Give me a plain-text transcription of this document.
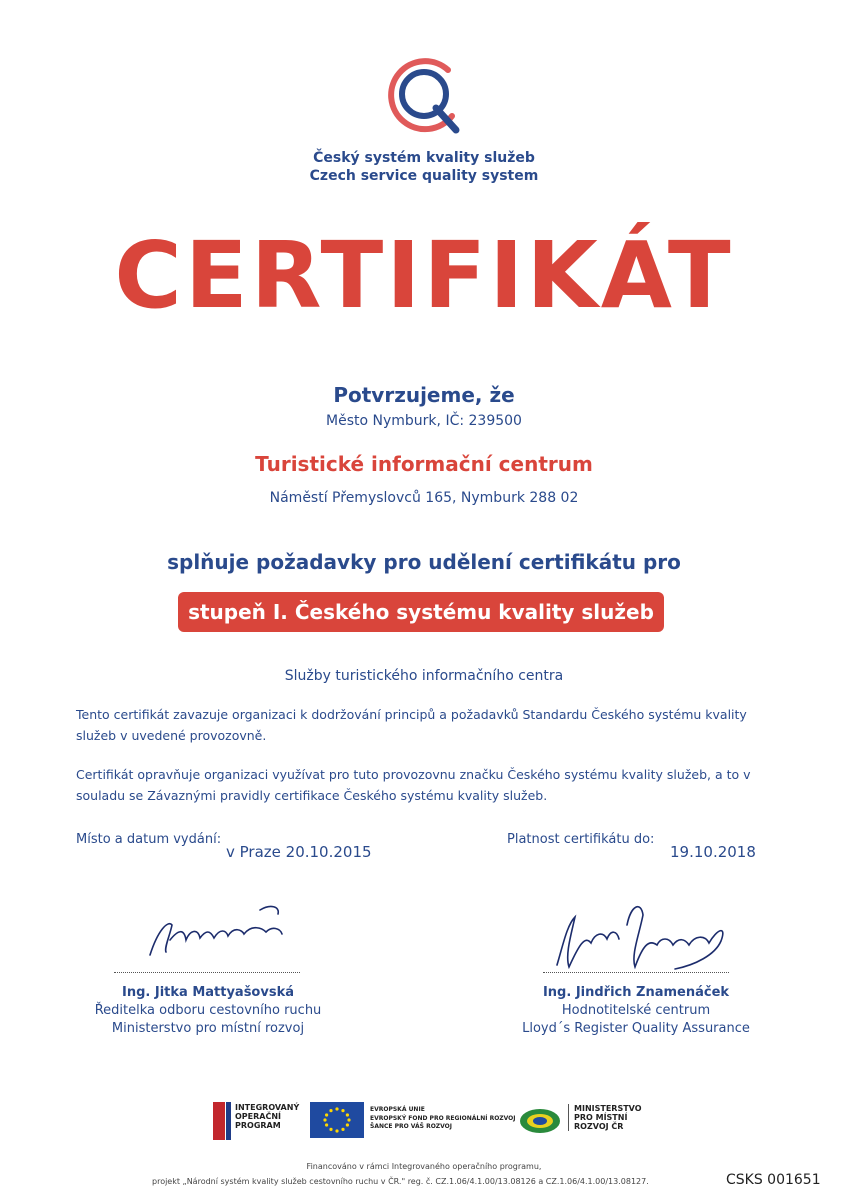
Český systém kvality služeb
Czech service quality system
CERTIFIKÁT
Potvrzujeme, že
Město Nymburk, IČ: 239500
Turistické informační centrum
Náměstí Přemyslovců 165, Nymburk 288 02
splňuje požadavky pro udělení certifikátu pro
stupeň I. Českého systému kvality služeb
Služby turistického informačního centra
Tento certifikát zavazuje organizaci k dodržování principů a požadavků Standardu Českého systému kvality služeb v uvedené provozovně.
Certifikát opravňuje organizaci využívat pro tuto provozovnu značku Českého systému kvality služeb, a to v souladu se Závaznými pravidly certifikace Českého systému kvality služeb.
Místo a datum vydání:
v Praze 20.10.2015
Platnost certifikátu do:
19.10.2018
Ing. Jitka Mattyašovská
Ředitelka odboru cestovního ruchu
Ministerstvo pro místní rozvoj
Ing. Jindřich Znamenáček
Hodnotitelské centrum
Lloyd´s Register Quality Assurance
INTEGROVANÝ
OPERAČNÍ
PROGRAM
EVROPSKÁ UNIE
EVROPSKÝ FOND PRO REGIONÁLNÍ ROZVOJ
ŠANCE PRO VÁŠ ROZVOJ
MINISTERSTVO
PRO MÍSTNÍ
ROZVOJ ČR
Financováno v rámci Integrovaného operačního programu,
projekt „Národní systém kvality služeb cestovního ruchu v ČR." reg. č. CZ.1.06/4.1.00/13.08126 a CZ.1.06/4.1.00/13.08127.	CSKS 001651
